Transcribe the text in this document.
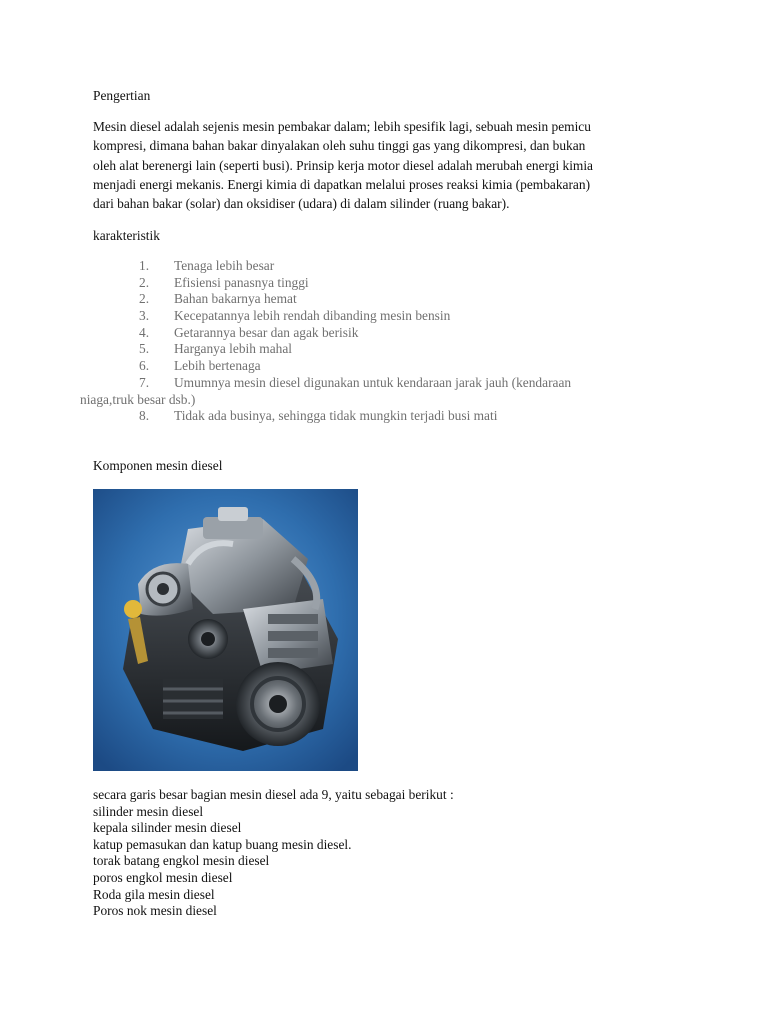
Pengertian
Mesin diesel adalah sejenis mesin pembakar dalam; lebih spesifik lagi, sebuah mesin pemicu
kompresi, dimana bahan bakar dinyalakan oleh suhu tinggi gas yang dikompresi, dan bukan
oleh alat berenergi lain (seperti busi). Prinsip kerja motor diesel adalah merubah energi kimia
menjadi energi mekanis. Energi kimia di dapatkan melalui proses reaksi kimia (pembakaran)
dari bahan bakar (solar) dan oksidiser (udara) di dalam silinder (ruang bakar).
karakteristik
1. Tenaga lebih besar
2. Efisiensi panasnya tinggi
2. Bahan bakarnya hemat
3. Kecepatannya lebih rendah dibanding mesin bensin
4. Getarannya besar dan agak berisik
5. Harganya lebih mahal
6. Lebih bertenaga
7. Umumnya mesin diesel digunakan untuk kendaraan jarak jauh (kendaraan
niaga,truk besar dsb.)
8. Tidak ada businya, sehingga tidak mungkin terjadi busi mati
Komponen mesin diesel
secara garis besar bagian mesin diesel ada 9, yaitu sebagai berikut :
silinder mesin diesel
kepala silinder mesin diesel
katup pemasukan dan katup buang mesin diesel.
torak batang engkol mesin diesel
poros engkol mesin diesel
Roda gila mesin diesel
Poros nok mesin diesel
